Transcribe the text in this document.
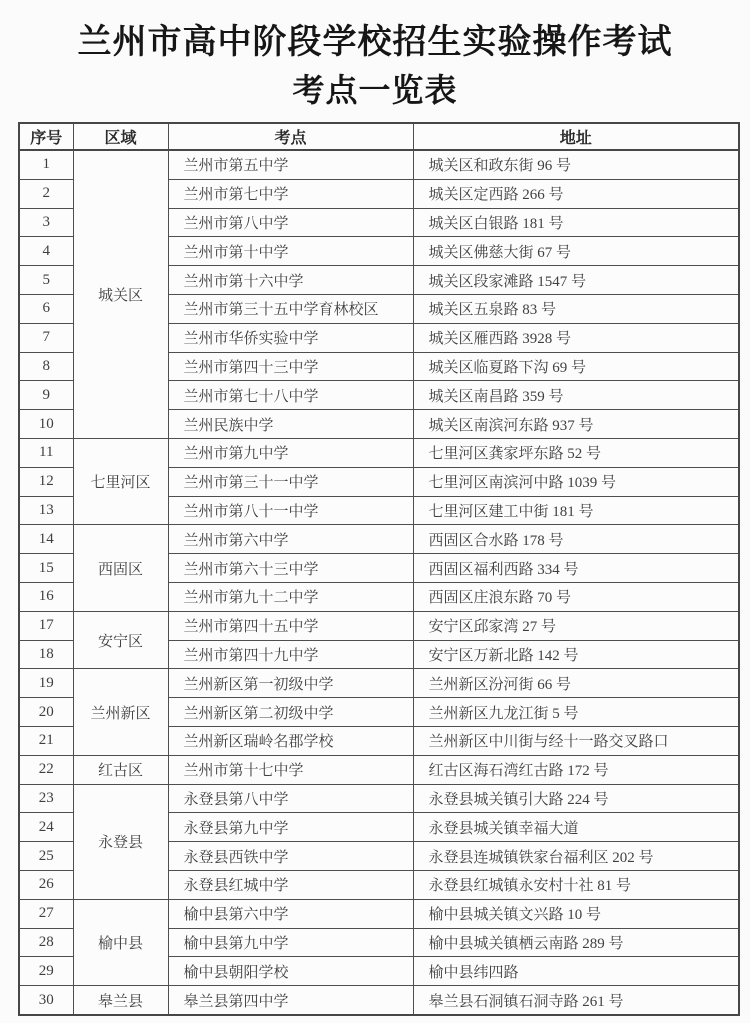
兰州市高中阶段学校招生实验操作考试
考点一览表
序号	区域	考点	地址
1	城关区	兰州市第五中学	城关区和政东街 96 号
2		兰州市第七中学	城关区定西路 266 号
3		兰州市第八中学	城关区白银路 181 号
4		兰州市第十中学	城关区佛慈大街 67 号
5		兰州市第十六中学	城关区段家滩路 1547 号
6		兰州市第三十五中学育林校区	城关区五泉路 83 号
7		兰州市华侨实验中学	城关区雁西路 3928 号
8		兰州市第四十三中学	城关区临夏路下沟 69 号
9		兰州市第七十八中学	城关区南昌路 359 号
10		兰州民族中学	城关区南滨河东路 937 号
11	七里河区	兰州市第九中学	七里河区龚家坪东路 52 号
12		兰州市第三十一中学	七里河区南滨河中路 1039 号
13		兰州市第八十一中学	七里河区建工中街 181 号
14	西固区	兰州市第六中学	西固区合水路 178 号
15		兰州市第六十三中学	西固区福利西路 334 号
16		兰州市第九十二中学	西固区庄浪东路 70 号
17	安宁区	兰州市第四十五中学	安宁区邱家湾 27 号
18		兰州市第四十九中学	安宁区万新北路 142 号
19	兰州新区	兰州新区第一初级中学	兰州新区汾河街 66 号
20		兰州新区第二初级中学	兰州新区九龙江街 5 号
21		兰州新区瑞岭名郡学校	兰州新区中川街与经十一路交叉路口
22	红古区	兰州市第十七中学	红古区海石湾红古路 172 号
23	永登县	永登县第八中学	永登县城关镇引大路 224 号
24		永登县第九中学	永登县城关镇幸福大道
25		永登县西铁中学	永登县连城镇铁家台福利区 202 号
26		永登县红城中学	永登县红城镇永安村十社 81 号
27	榆中县	榆中县第六中学	榆中县城关镇文兴路 10 号
28		榆中县第九中学	榆中县城关镇栖云南路 289 号
29		榆中县朝阳学校	榆中县纬四路
30	皋兰县	皋兰县第四中学	皋兰县石洞镇石洞寺路 261 号
